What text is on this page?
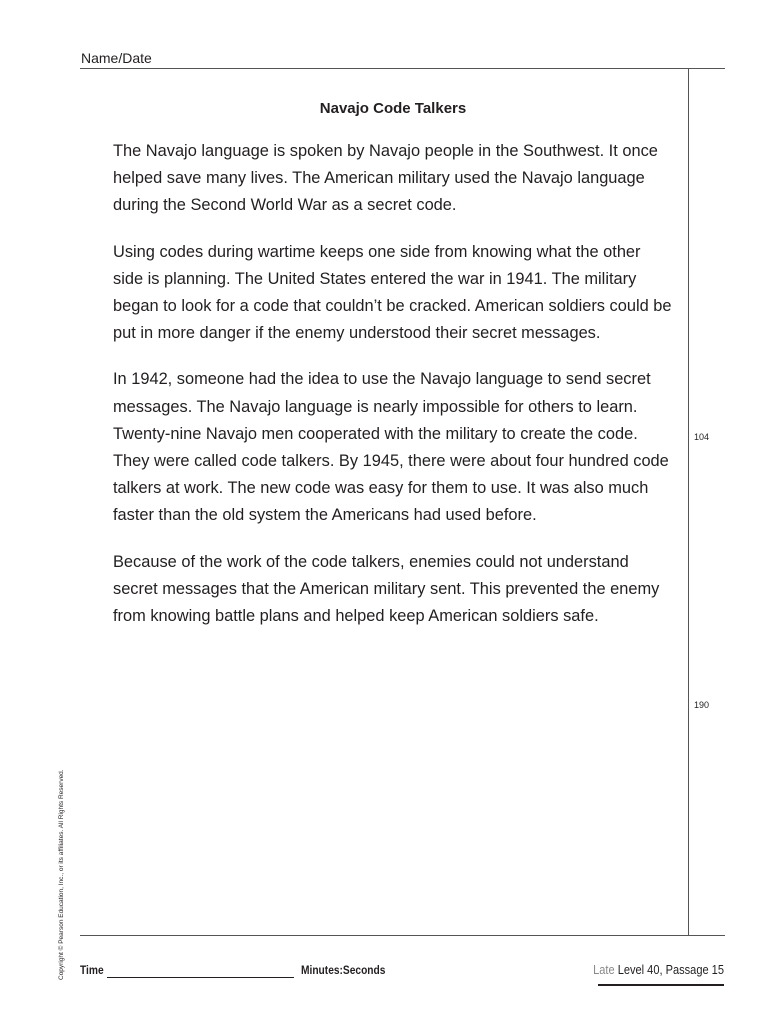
Name/Date
Navajo Code Talkers

The Navajo language is spoken by Navajo people in the Southwest. It once helped save many lives. The American military used the Navajo language during the Second World War as a secret code.

Using codes during wartime keeps one side from knowing what the other side is planning. The United States entered the war in 1941. The military began to look for a code that couldn’t be cracked. American soldiers could be put in more danger if the enemy understood their secret messages.

In 1942, someone had the idea to use the Navajo language to send secret messages. The Navajo language is nearly impossible for others to learn. Twenty-nine Navajo men cooperated with the military to create the code. They were called code talkers. By 1945, there were about four hundred code talkers at work. The new code was easy for them to use. It was also much faster than the old system the Americans had used before.

Because of the work of the code talkers, enemies could not understand secret messages that the American military sent. This prevented the enemy from knowing battle plans and helped keep American soldiers safe.

104
190
Copyright © Pearson Education, Inc., or its affiliates. All Rights Reserved. Time	Minutes:Seconds	Late Level 40, Passage 15
